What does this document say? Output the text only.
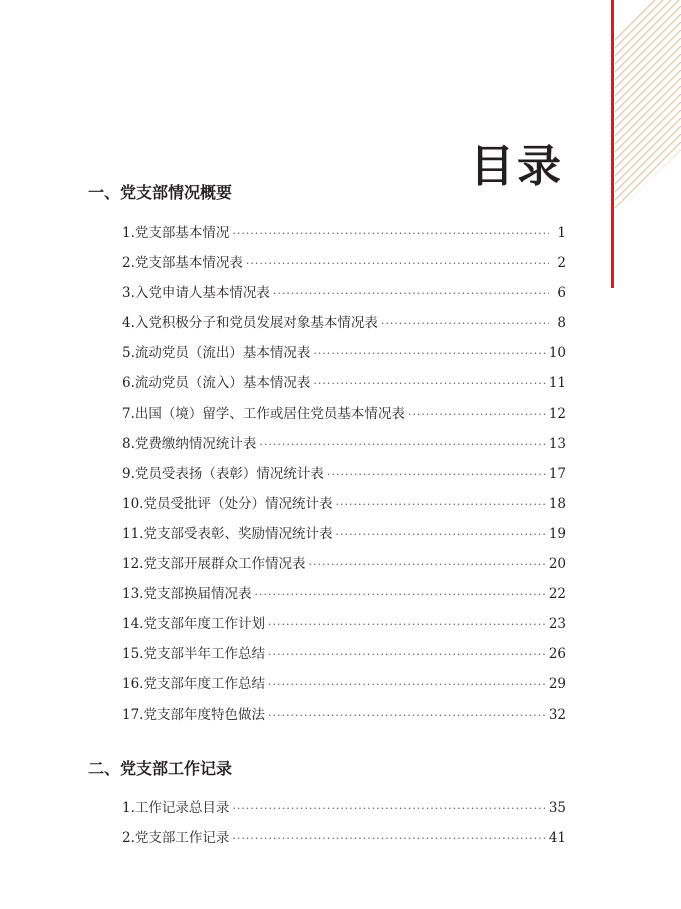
目录
一、党支部情况概要
1.党支部基本情况 ·····	1
2.党支部基本情况表 ·····	2
3.入党申请人基本情况表 ·····	6
4.入党积极分子和党员发展对象基本情况表 ·····	8
5.流动党员（流出）基本情况表 ·····	10
6.流动党员（流入）基本情况表 ·····	11
7.出国（境）留学、工作或居住党员基本情况表 ·····	12
8.党费缴纳情况统计表 ·····	13
9.党员受表扬（表彰）情况统计表 ·····	17
10.党员受批评（处分）情况统计表 ·····	18
11.党支部受表彰、奖励情况统计表 ·····	19
12.党支部开展群众工作情况表 ·····	20
13.党支部换届情况表 ·····	22
14.党支部年度工作计划 ·····	23
15.党支部半年工作总结 ·····	26
16.党支部年度工作总结 ·····	29
17.党支部年度特色做法 ·····	32
二、党支部工作记录
1.工作记录总目录 ·····	35
2.党支部工作记录 ·····	41
